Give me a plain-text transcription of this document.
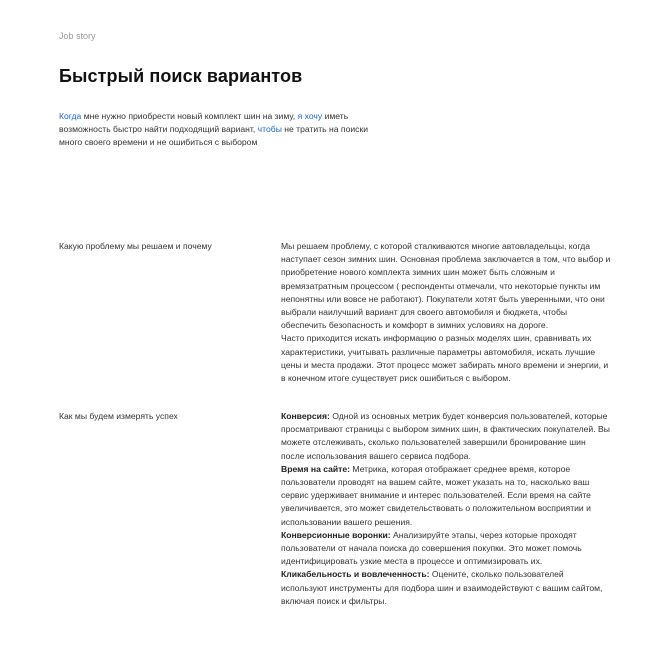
Job story
Быстрый поиск вариантов
Когда мне нужно приобрести новый комплект шин на зиму, я хочу иметь возможность быстро найти подходящий вариант, чтобы не тратить на поиски много своего времени и не ошибиться с выбором
Какую проблему мы решаем и почему	Мы решаем проблему, с которой сталкиваются многие автовладельцы, когда наступает сезон зимних шин. Основная проблема заключается в том, что выбор и приобретение нового комплекта зимних шин может быть сложным и времязатратным процессом ( респонденты отмечали, что некоторые пункты им непонятны или вовсе не работают). Покупатели хотят быть уверенными, что они выбрали наилучший вариант для своего автомобиля и бюджета, чтобы обеспечить безопасность и комфорт в зимних условиях на дороге.

Часто приходится искать информацию о разных моделях шин, сравнивать их характеристики, учитывать различные параметры автомобиля, искать лучшие цены и места продажи. Этот процесс может забирать много времени и энергии, и в конечном итоге существует риск ошибиться с выбором.

Как мы будем измерять успех	Конверсия: Одной из основных метрик будет конверсия пользователей, которые просматривают страницы с выбором зимних шин, в фактических покупателей. Вы можете отслеживать, сколько пользователей завершили бронирование шин после использования вашего сервиса подбора.

Время на сайте: Метрика, которая отображает среднее время, которое пользователи проводят на вашем сайте, может указать на то, насколько ваш сервис удерживает внимание и интерес пользователей. Если время на сайте увеличивается, это может свидетельствовать о положительном восприятии и использовании вашего решения.

Конверсионные воронки: Анализируйте этапы, через которые проходят пользователи от начала поиска до совершения покупки. Это может помочь идентифицировать узкие места в процессе и оптимизировать их.

Кликабельность и вовлеченность: Оцените, сколько пользователей используют инструменты для подбора шин и взаимодействуют с вашим сайтом, включая поиск и фильтры.
